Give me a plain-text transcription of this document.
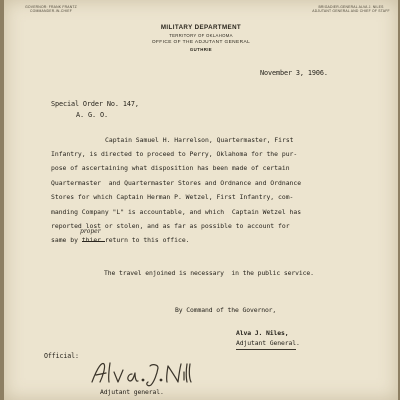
GOVERNOR: FRANK FRANTZ
COMMANDER-IN-CHIEF
BRIGADIER-GENERAL ALVA J. NILES
ADJUTANT GENERAL AND CHIEF OF STAFF
MILITARY DEPARTMENT
TERRITORY OF OKLAHOMA
OFFICE OF THE ADJUTANT GENERAL
GUTHRIE
November 3, 1906.
Special Order No. 147,
A. G. O.
Captain Samuel H. Harrelson, Quartermaster, First
Infantry, is directed to proceed to Perry, Oklahoma for the pur-
pose of ascertaining what disposition has been made of certain
Quartermaster  and Quartermaster Stores and Ordnance and Ordnance
Stores for which Captain Herman P. Wetzel, First Infantry, com-
manding Company "L" is accountable, and which  Captain Wetzel has
reported lost or stolen, and as far as possible to account for
same by thier return to this office.
proper
The travel enjoined is necessary  in the public service.
By Command of the Governor,
Alva J. Niles,
Adjutant General.
Official:
Adjutant general.
